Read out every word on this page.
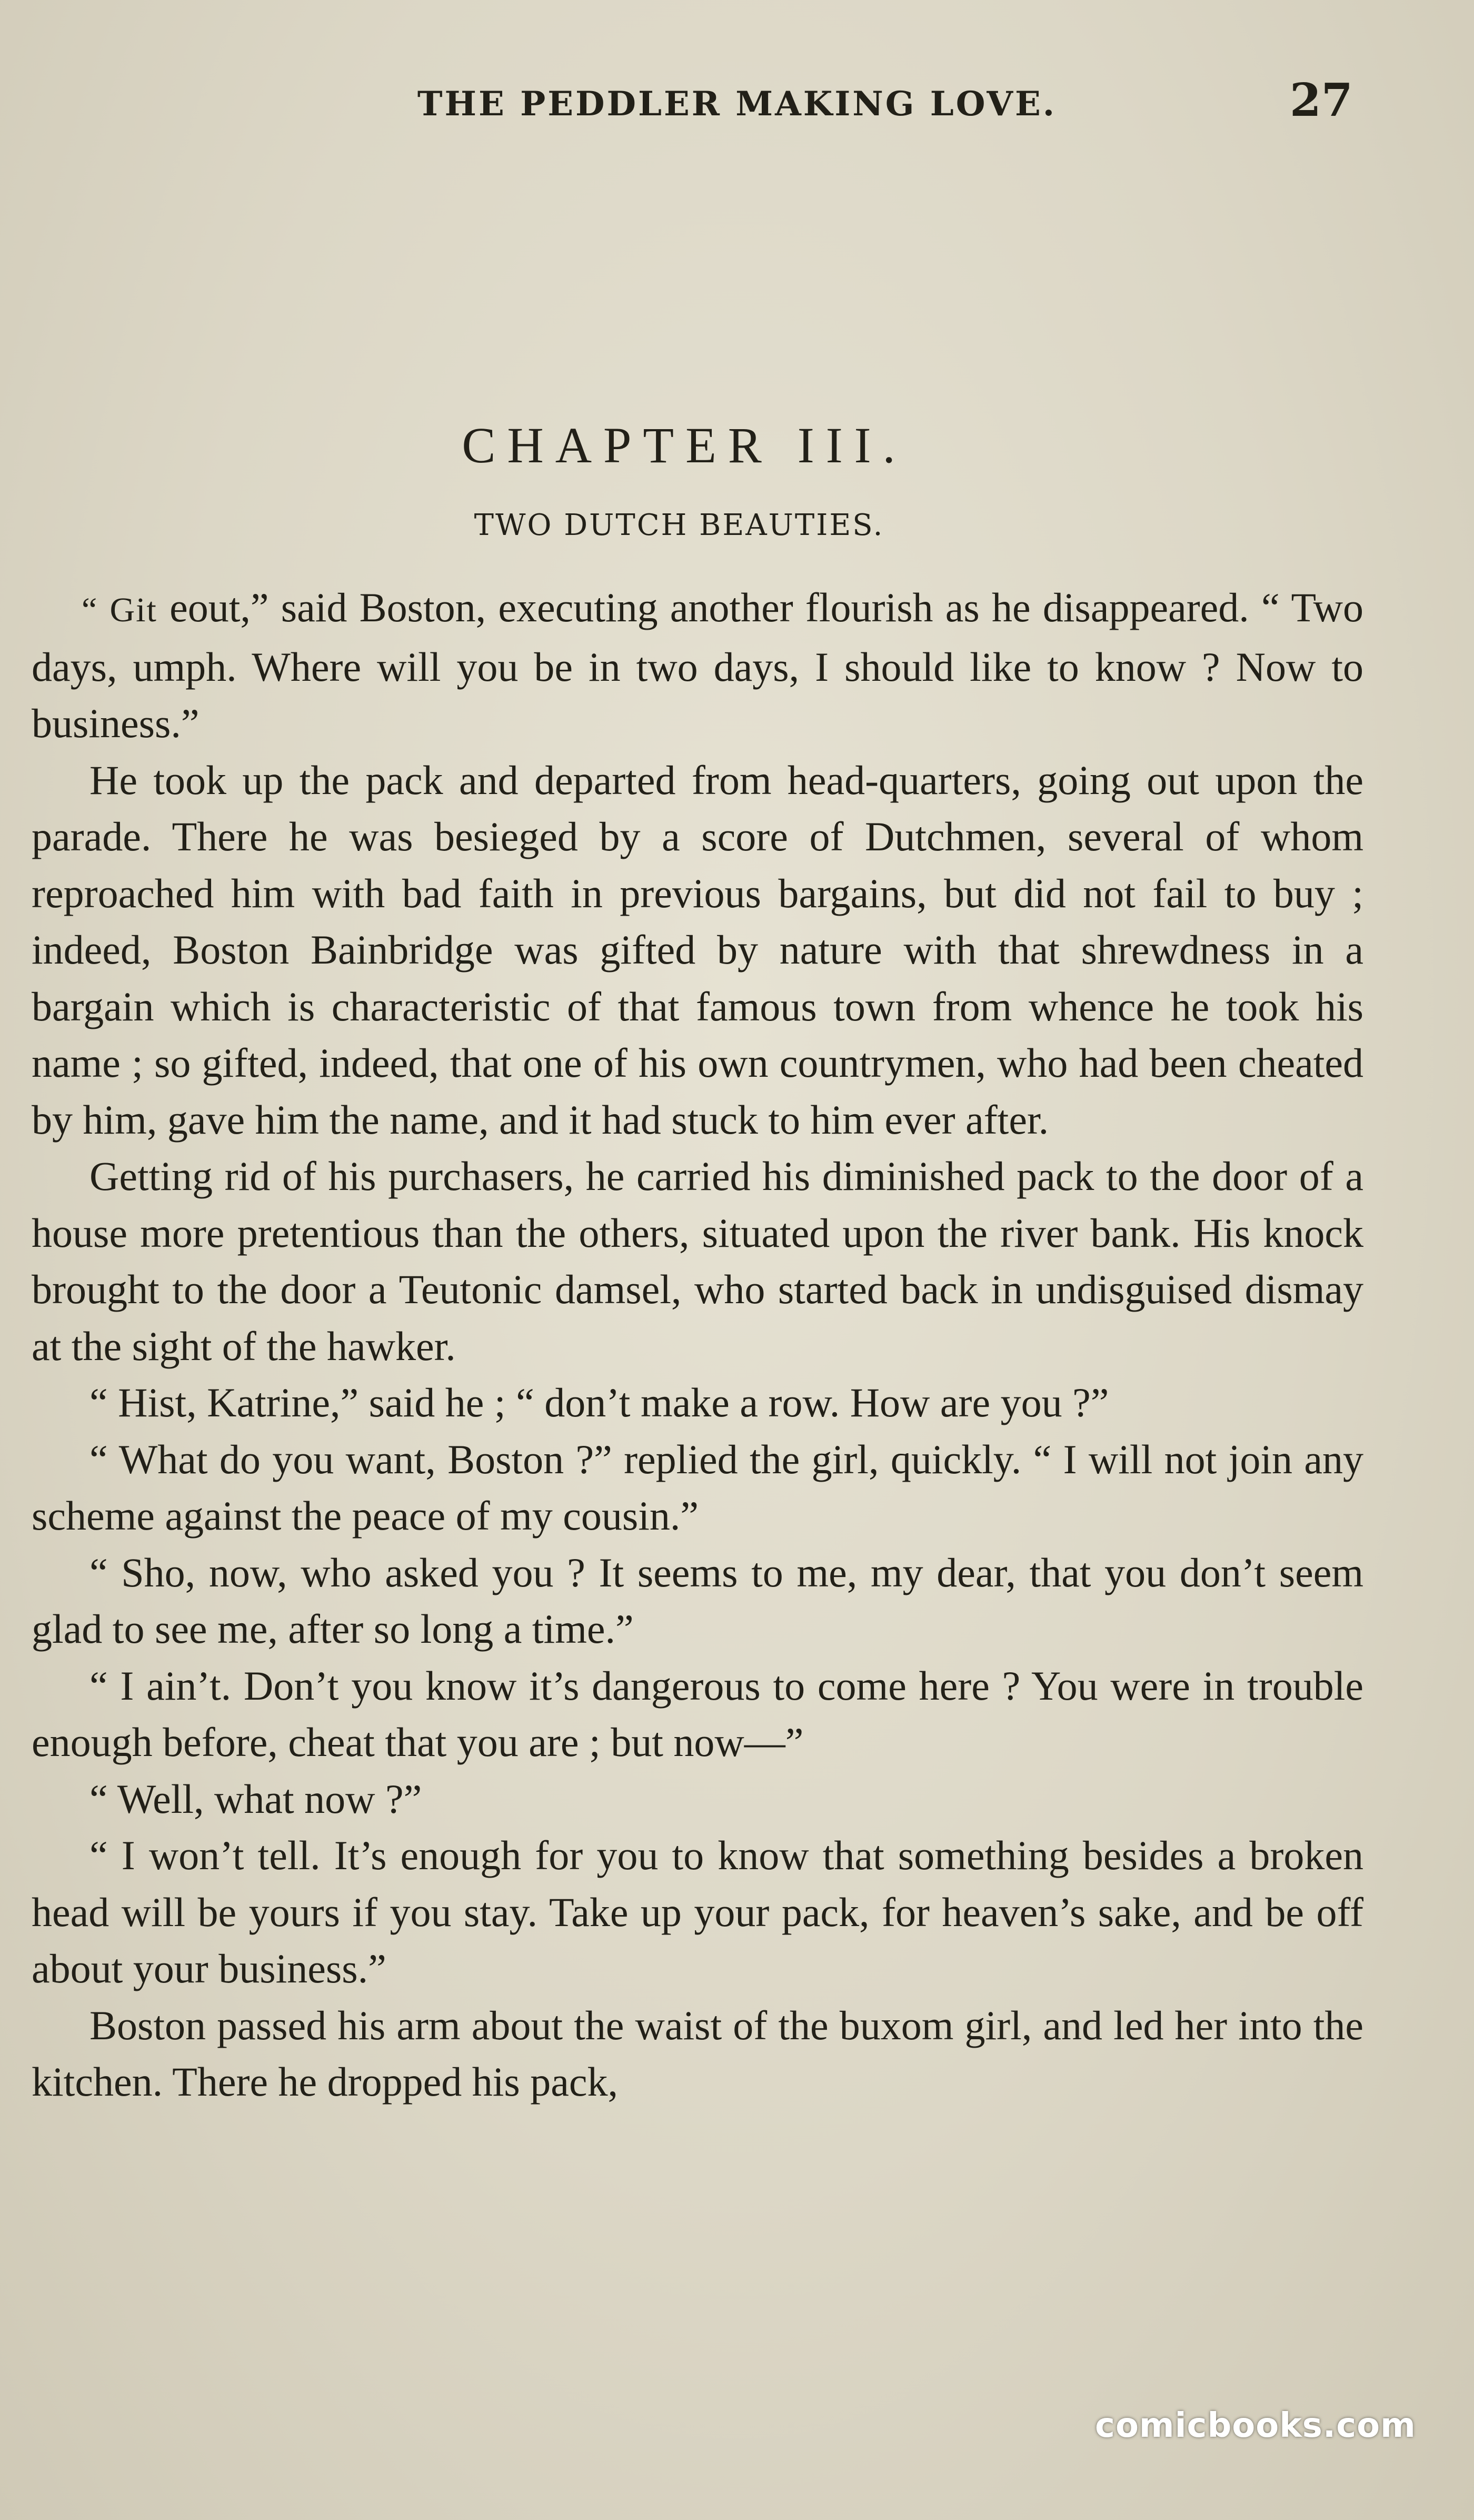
THE PEDDLER MAKING LOVE.	27
CHAPTER III.
TWO DUTCH BEAUTIES.

“ Git eout,” said Boston, executing another flourish as he disappeared. “ Two days, umph. Where will you be in two days, I should like to know ? Now to business.”

He took up the pack and departed from head-quarters, going out upon the parade. There he was besieged by a score of Dutchmen, several of whom reproached him with bad faith in previous bargains, but did not fail to buy ; indeed, Boston Bainbridge was gifted by nature with that shrewdness in a bargain which is characteristic of that famous town from whence he took his name ; so gifted, indeed, that one of his own countrymen, who had been cheated by him, gave him the name, and it had stuck to him ever after.

Getting rid of his purchasers, he carried his diminished pack to the door of a house more pretentious than the others, situated upon the river bank. His knock brought to the door a Teutonic damsel, who started back in undisguised dismay at the sight of the hawker.

“ Hist, Katrine,” said he ; “ don’t make a row. How are you ?”

“ What do you want, Boston ?” replied the girl, quickly. “ I will not join any scheme against the peace of my cousin.”

“ Sho, now, who asked you ? It seems to me, my dear, that you don’t seem glad to see me, after so long a time.”

“ I ain’t. Don’t you know it’s dangerous to come here ? You were in trouble enough before, cheat that you are ; but now—”

“ Well, what now ?”

“ I won’t tell. It’s enough for you to know that something besides a broken head will be yours if you stay. Take up your pack, for heaven’s sake, and be off about your business.”

Boston passed his arm about the waist of the buxom girl, and led her into the kitchen. There he dropped his pack,

comicbooks.com
